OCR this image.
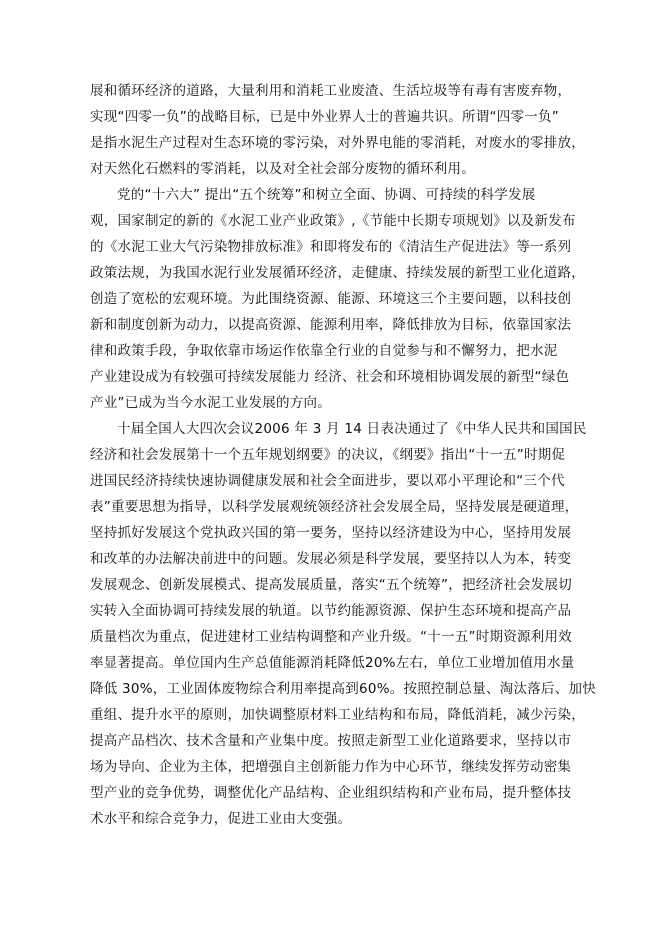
展和循环经济的道路，大量利用和消耗工业废渣、生活垃圾等有毒有害废弃物，
实现“四零一负”的战略目标，已是中外业界人士的普遍共识。所谓“四零一负”
是指水泥生产过程对生态环境的零污染，对外界电能的零消耗，对废水的零排放，
对天然化石燃料的零消耗，以及对全社会部分废物的循环利用。
党的“十六大” 提出“五个统筹”和树立全面、协调、可持续的科学发展
观，国家制定的新的《水泥工业产业政策》,《节能中长期专项规划》以及新发布
的《水泥工业大气污染物排放标准》和即将发布的《清洁生产促进法》等一系列
政策法规，为我国水泥行业发展循环经济，走健康、持续发展的新型工业化道路，
创造了宽松的宏观环境。为此围绕资源、能源、环境这三个主要问题，以科技创
新和制度创新为动力，以提高资源、能源利用率，降低排放为目标，依靠国家法
律和政策手段，争取依靠市场运作依靠全行业的自觉参与和不懈努力，把水泥
产业建设成为有较强可持续发展能力 经济、社会和环境相协调发展的新型“绿色
产业”已成为当今水泥工业发展的方向。
十届全国人大四次会议2006 年 3 月 14 日表决通过了《中华人民共和国国民
经济和社会发展第十一个五年规划纲要》的决议，《纲要》指出“十一五”时期促
进国民经济持续快速协调健康发展和社会全面进步，要以邓小平理论和“三个代
表”重要思想为指导，以科学发展观统领经济社会发展全局，坚持发展是硬道理，
坚持抓好发展这个党执政兴国的第一要务，坚持以经济建设为中心，坚持用发展
和改革的办法解决前进中的问题。发展必须是科学发展，要坚持以人为本，转变
发展观念、创新发展模式、提高发展质量，落实“五个统筹”，把经济社会发展切
实转入全面协调可持续发展的轨道。以节约能源资源、保护生态环境和提高产品
质量档次为重点，促进建材工业结构调整和产业升级。“十一五”时期资源利用效
率显著提高。单位国内生产总值能源消耗降低20%左右，单位工业增加值用水量
降低 30%，工业固体废物综合利用率提高到60%。按照控制总量、淘汰落后、加快
重组、提升水平的原则，加快调整原材料工业结构和布局，降低消耗，减少污染，
提高产品档次、技术含量和产业集中度。按照走新型工业化道路要求，坚持以市
场为导向、企业为主体，把增强自主创新能力作为中心环节，继续发挥劳动密集
型产业的竞争优势，调整优化产品结构、企业组织结构和产业布局，提升整体技
术水平和综合竞争力，促进工业由大变强。
